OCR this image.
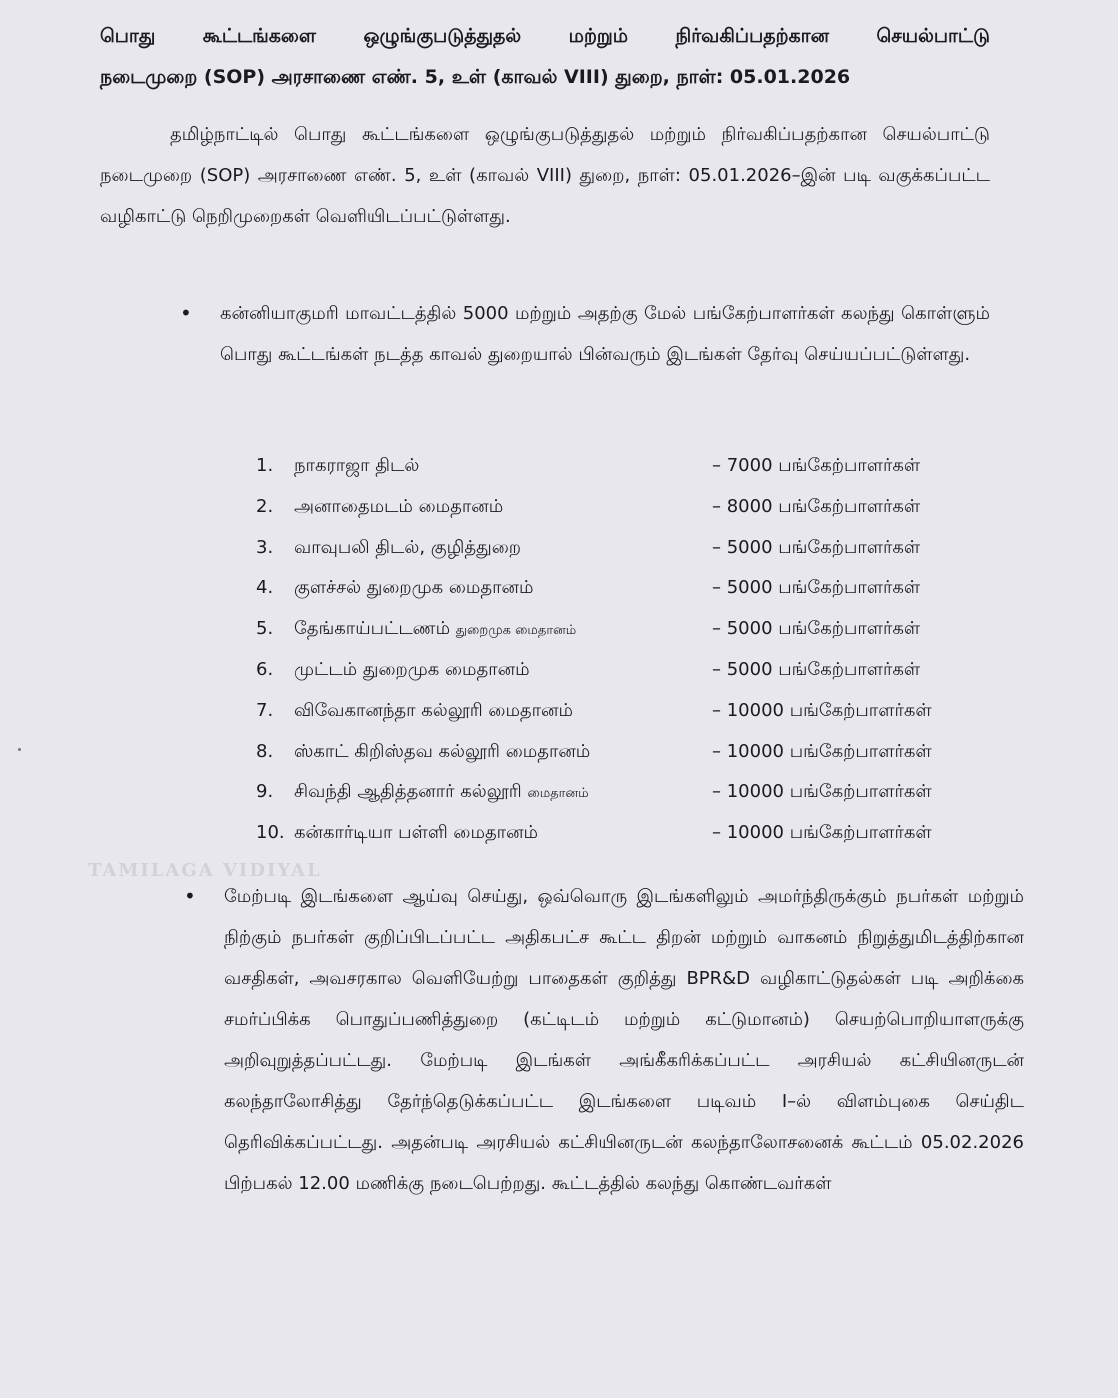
பொது கூட்டங்களை ஒழுங்குபடுத்துதல் மற்றும் நிர்வகிப்பதற்கான செயல்பாட்டு
நடைமுறை (SOP) அரசாணை எண். 5, உள் (காவல் VIII) துறை, நாள்: 05.01.2026

தமிழ்நாட்டில் பொது கூட்டங்களை ஒழுங்குபடுத்துதல் மற்றும் நிர்வகிப்பதற்கான செயல்பாட்டு நடைமுறை (SOP) அரசாணை எண். 5, உள் (காவல் VIII) துறை, நாள்: 05.01.2026–இன் படி வகுக்கப்பட்ட வழிகாட்டு நெறிமுறைகள் வெளியிடப்பட்டுள்ளது.

• கன்னியாகுமரி மாவட்டத்தில் 5000 மற்றும் அதற்கு மேல் பங்கேற்பாளர்கள் கலந்து கொள்ளும் பொது கூட்டங்கள் நடத்த காவல் துறையால் பின்வரும் இடங்கள் தேர்வு செய்யப்பட்டுள்ளது.

1. நாகராஜா திடல்	– 7000 பங்கேற்பாளர்கள்
2. அனாதைமடம் மைதானம்	– 8000 பங்கேற்பாளர்கள்
3. வாவுபலி திடல், குழித்துறை	– 5000 பங்கேற்பாளர்கள்
4. குளச்சல் துறைமுக மைதானம்	– 5000 பங்கேற்பாளர்கள்
5. தேங்காய்பட்டணம் துறைமுக மைதானம்	– 5000 பங்கேற்பாளர்கள்
6. முட்டம் துறைமுக மைதானம்	– 5000 பங்கேற்பாளர்கள்
7. விவேகானந்தா கல்லூரி மைதானம்	– 10000 பங்கேற்பாளர்கள்
8. ஸ்காட் கிறிஸ்தவ கல்லூரி மைதானம்	– 10000 பங்கேற்பாளர்கள்
9. சிவந்தி ஆதித்தனார் கல்லூரி மைதானம்	– 10000 பங்கேற்பாளர்கள்
10. கன்கார்டியா பள்ளி மைதானம்	– 10000 பங்கேற்பாளர்கள்

TAMILAGA VIDIYAL

• மேற்படி இடங்களை ஆய்வு செய்து, ஒவ்வொரு இடங்களிலும் அமர்ந்திருக்கும் நபர்கள் மற்றும் நிற்கும் நபர்கள் குறிப்பிடப்பட்ட அதிகபட்ச கூட்ட திறன் மற்றும் வாகனம் நிறுத்துமிடத்திற்கான வசதிகள், அவசரகால வெளியேற்று பாதைகள் குறித்து BPR&D வழிகாட்டுதல்கள் படி அறிக்கை சமர்ப்பிக்க பொதுப்பணித்துறை (கட்டிடம் மற்றும் கட்டுமானம்) செயற்பொறியாளருக்கு அறிவுறுத்தப்பட்டது. மேற்படி இடங்கள் அங்கீகரிக்கப்பட்ட அரசியல் கட்சியினருடன் கலந்தாலோசித்து தேர்ந்தெடுக்கப்பட்ட இடங்களை படிவம் I–ல் விளம்புகை செய்திட தெரிவிக்கப்பட்டது. அதன்படி அரசியல் கட்சியினருடன் கலந்தாலோசனைக் கூட்டம் 05.02.2026 பிற்பகல் 12.00 மணிக்கு நடைபெற்றது. கூட்டத்தில் கலந்து கொண்டவர்கள்
